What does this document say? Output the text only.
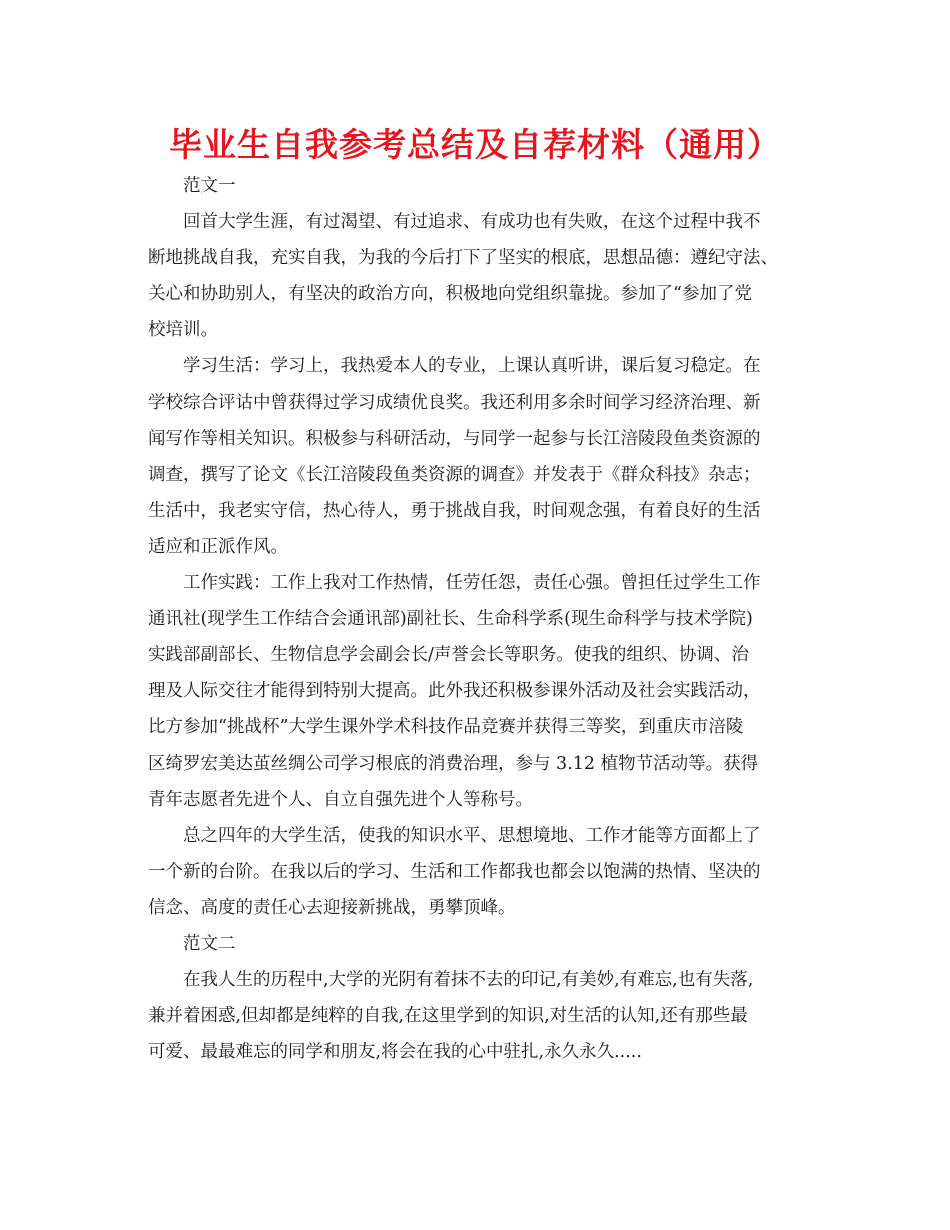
毕业生自我参考总结及自荐材料（通用）
范文一
回首大学生涯，有过渴望、有过追求、有成功也有失败，在这个过程中我不
断地挑战自我，充实自我，为我的今后打下了坚实的根底，思想品德：遵纪守法、
关心和协助别人，有坚决的政治方向，积极地向党组织靠拢。参加了“参加了党
校培训。
学习生活：学习上，我热爱本人的专业，上课认真听讲，课后复习稳定。在
学校综合评诂中曾获得过学习成绩优良奖。我还利用多余时间学习经济治理、新
闻写作等相关知识。积极参与科研活动，与同学一起参与长江涪陵段鱼类资源的
调查，撰写了论文《长江涪陵段鱼类资源的调查》并发表于《群众科技》杂志；
生活中，我老实守信，热心待人，勇于挑战自我，时间观念强，有着良好的生活
适应和正派作风。
工作实践：工作上我对工作热情，任劳任怨，责任心强。曾担任过学生工作
通讯社(现学生工作结合会通讯部)副社长、生命科学系(现生命科学与技术学院)
实践部副部长、生物信息学会副会长/声誉会长等职务。使我的组织、协调、治
理及人际交往才能得到特别大提高。此外我还积极参课外活动及社会实践活动，
比方参加“挑战杯”大学生课外学术科技作品竞赛并获得三等奖，到重庆市涪陵
区绮罗宏美达茧丝绸公司学习根底的消费治理，参与 3.12 植物节活动等。获得
青年志愿者先进个人、自立自强先进个人等称号。
总之四年的大学生活，使我的知识水平、思想境地、工作才能等方面都上了
一个新的台阶。在我以后的学习、生活和工作都我也都会以饱满的热情、坚决的
信念、高度的责任心去迎接新挑战，勇攀顶峰。
范文二
在我人生的历程中,大学的光阴有着抹不去的印记,有美妙,有难忘,也有失落,
兼并着困惑,但却都是纯粹的自我,在这里学到的知识,对生活的认知,还有那些最
可爱、最最难忘的同学和朋友,将会在我的心中驻扎,永久永久.....
